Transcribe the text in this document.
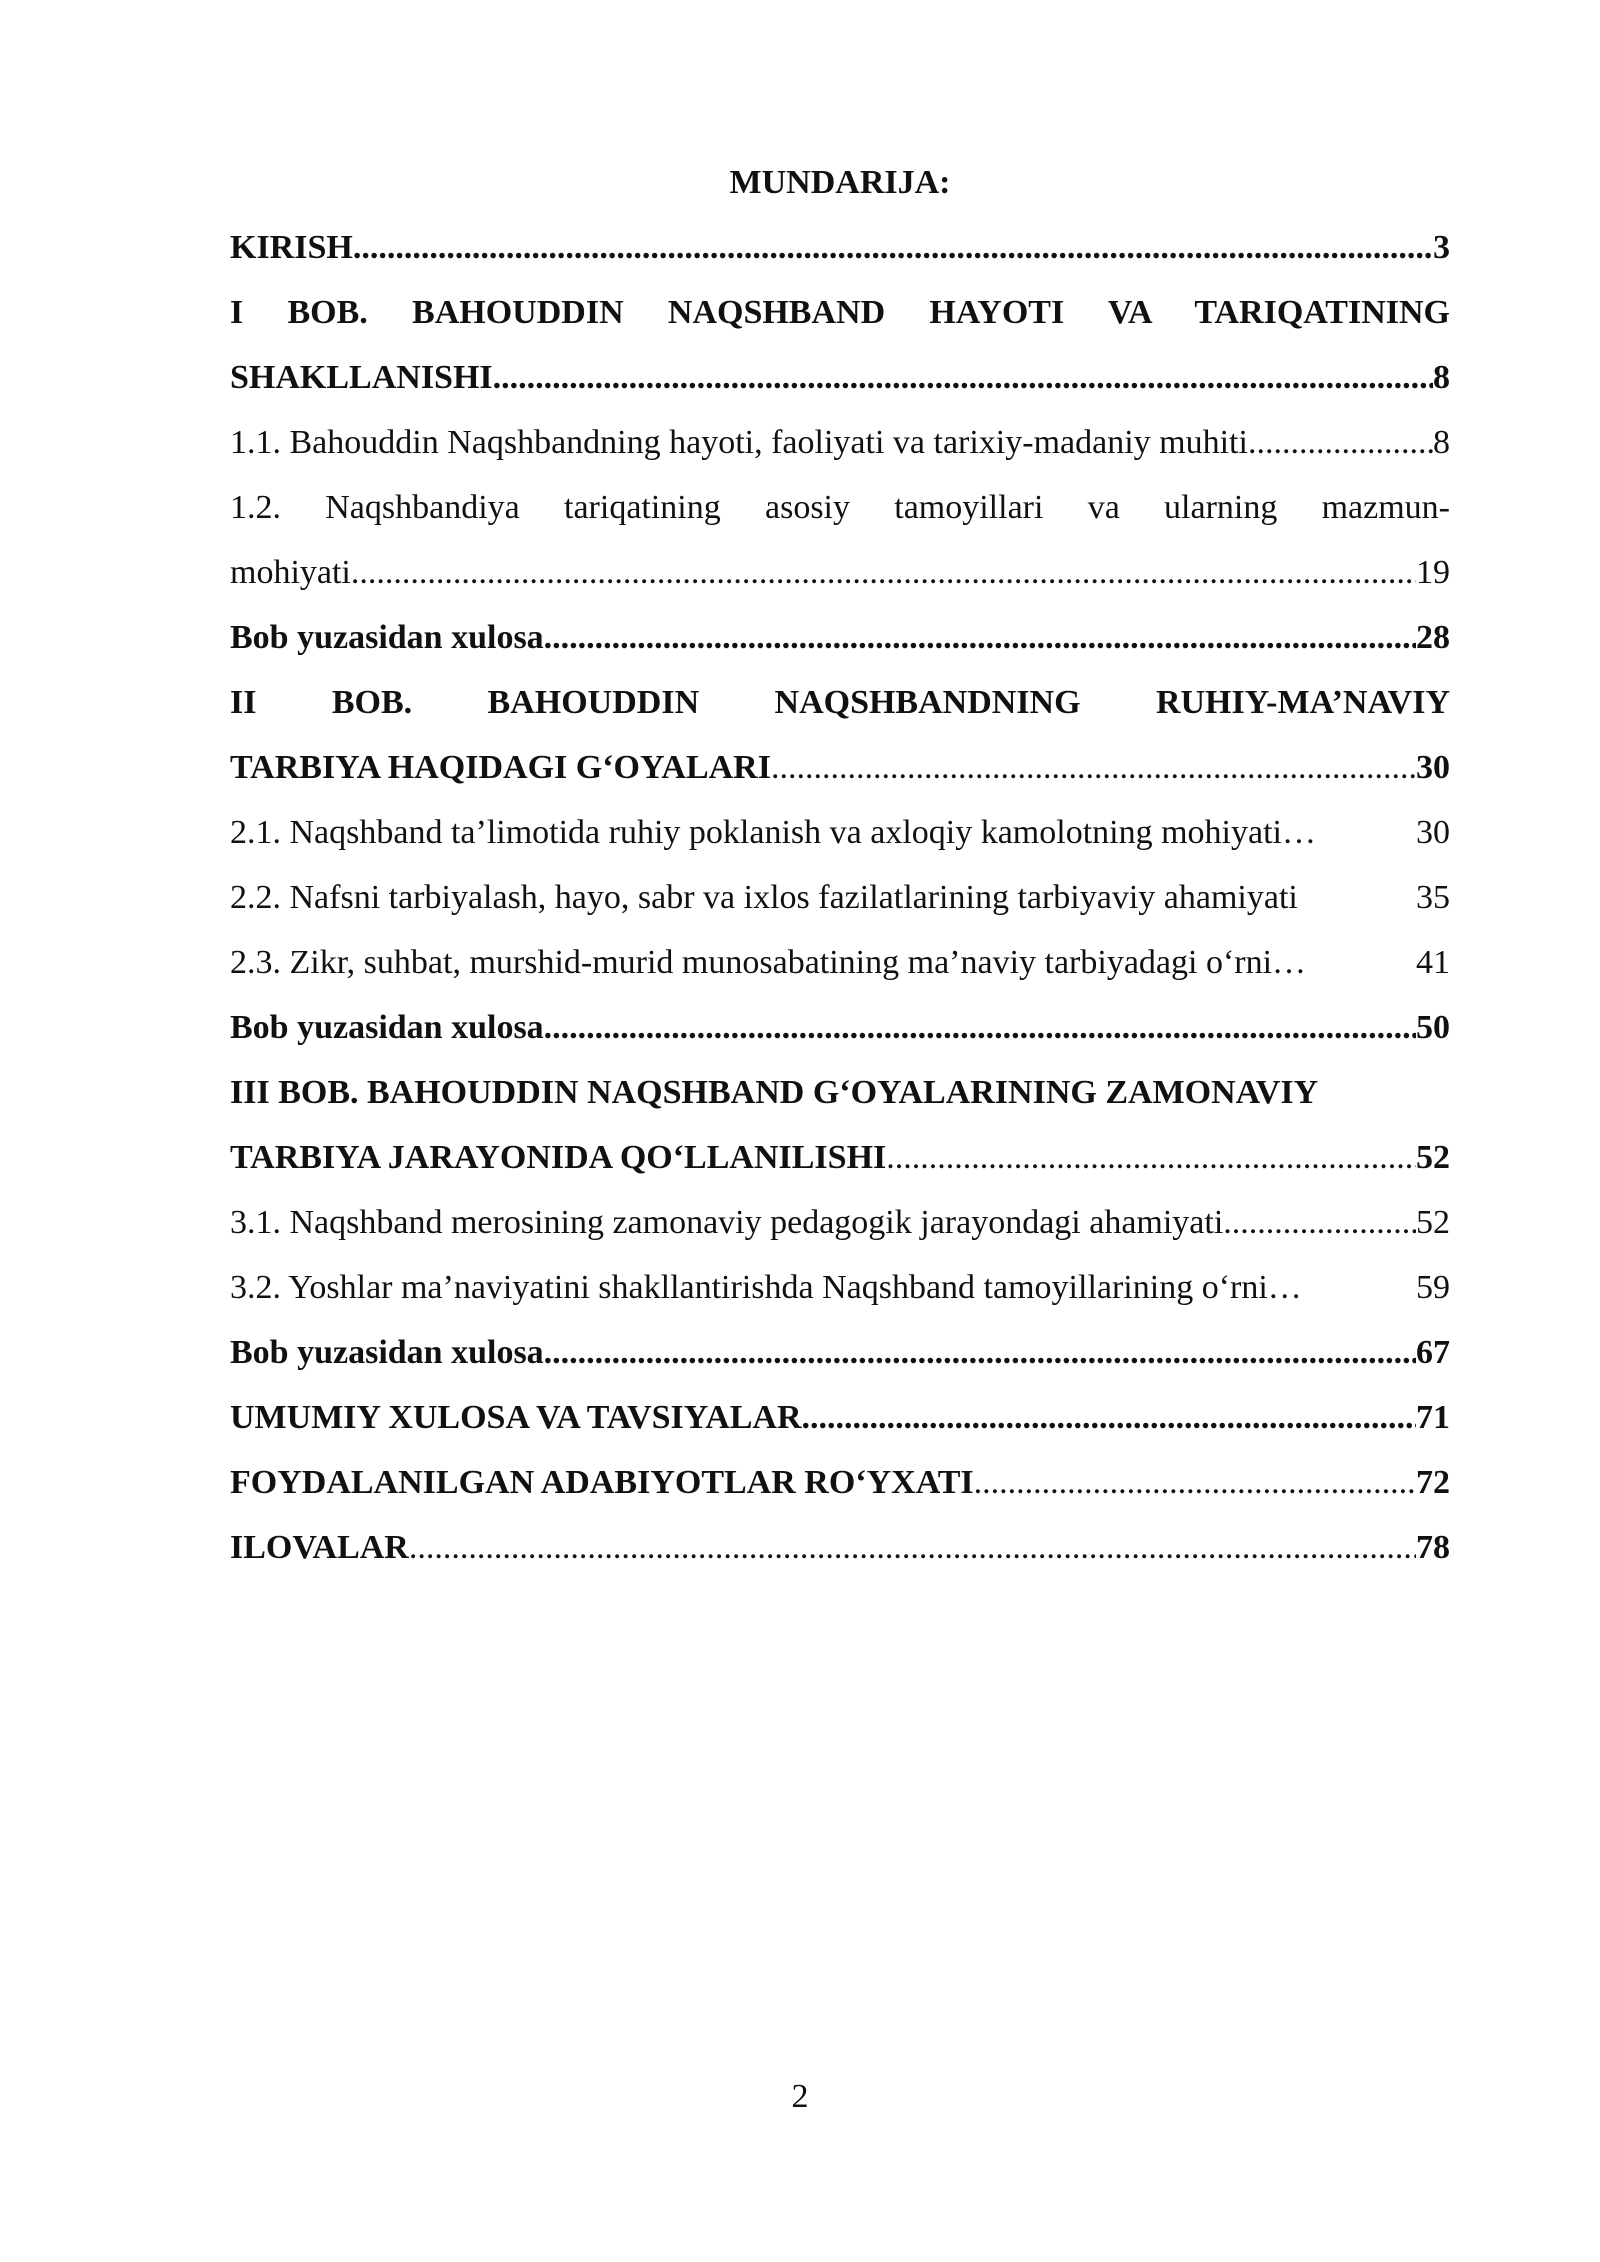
MUNDARIJA:
KIRISH .....	3
I BOB. BAHOUDDIN NAQSHBAND HAYOTI VA TARIQATINING
SHAKLLANISHI .....	8
1.1. Bahouddin Naqshbandning hayoti, faoliyati va tarixiy-madaniy muhiti .....	8
1.2. Naqshbandiya tariqatining asosiy tamoyillari va ularning mazmun-
mohiyati .....	19
Bob yuzasidan xulosa .....	28
II BOB. BAHOUDDIN NAQSHBANDNING RUHIY-MA’NAVIY
TARBIYA HAQIDAGI G‘OYALARI .....	30
2.1. Naqshband ta’limotida ruhiy poklanish va axloqiy kamolotning mohiyati…	30
2.2. Nafsni tarbiyalash, hayo, sabr va ixlos fazilatlarining tarbiyaviy ahamiyati	35
2.3. Zikr, suhbat, murshid-murid munosabatining ma’naviy tarbiyadagi o‘rni…	41
Bob yuzasidan xulosa .....	50
III BOB. BAHOUDDIN NAQSHBAND G‘OYALARINING ZAMONAVIY
TARBIYA JARAYONIDA QO‘LLANILISHI .....	52
3.1. Naqshband merosining zamonaviy pedagogik jarayondagi ahamiyati .....	52
3.2. Yoshlar ma’naviyatini shakllantirishda Naqshband tamoyillarining o‘rni…	59
Bob yuzasidan xulosa .....	67
UMUMIY XULOSA VA TAVSIYALAR .....	71
FOYDALANILGAN ADABIYOTLAR RO‘YXATI .....	72
ILOVALAR .....	78
2
